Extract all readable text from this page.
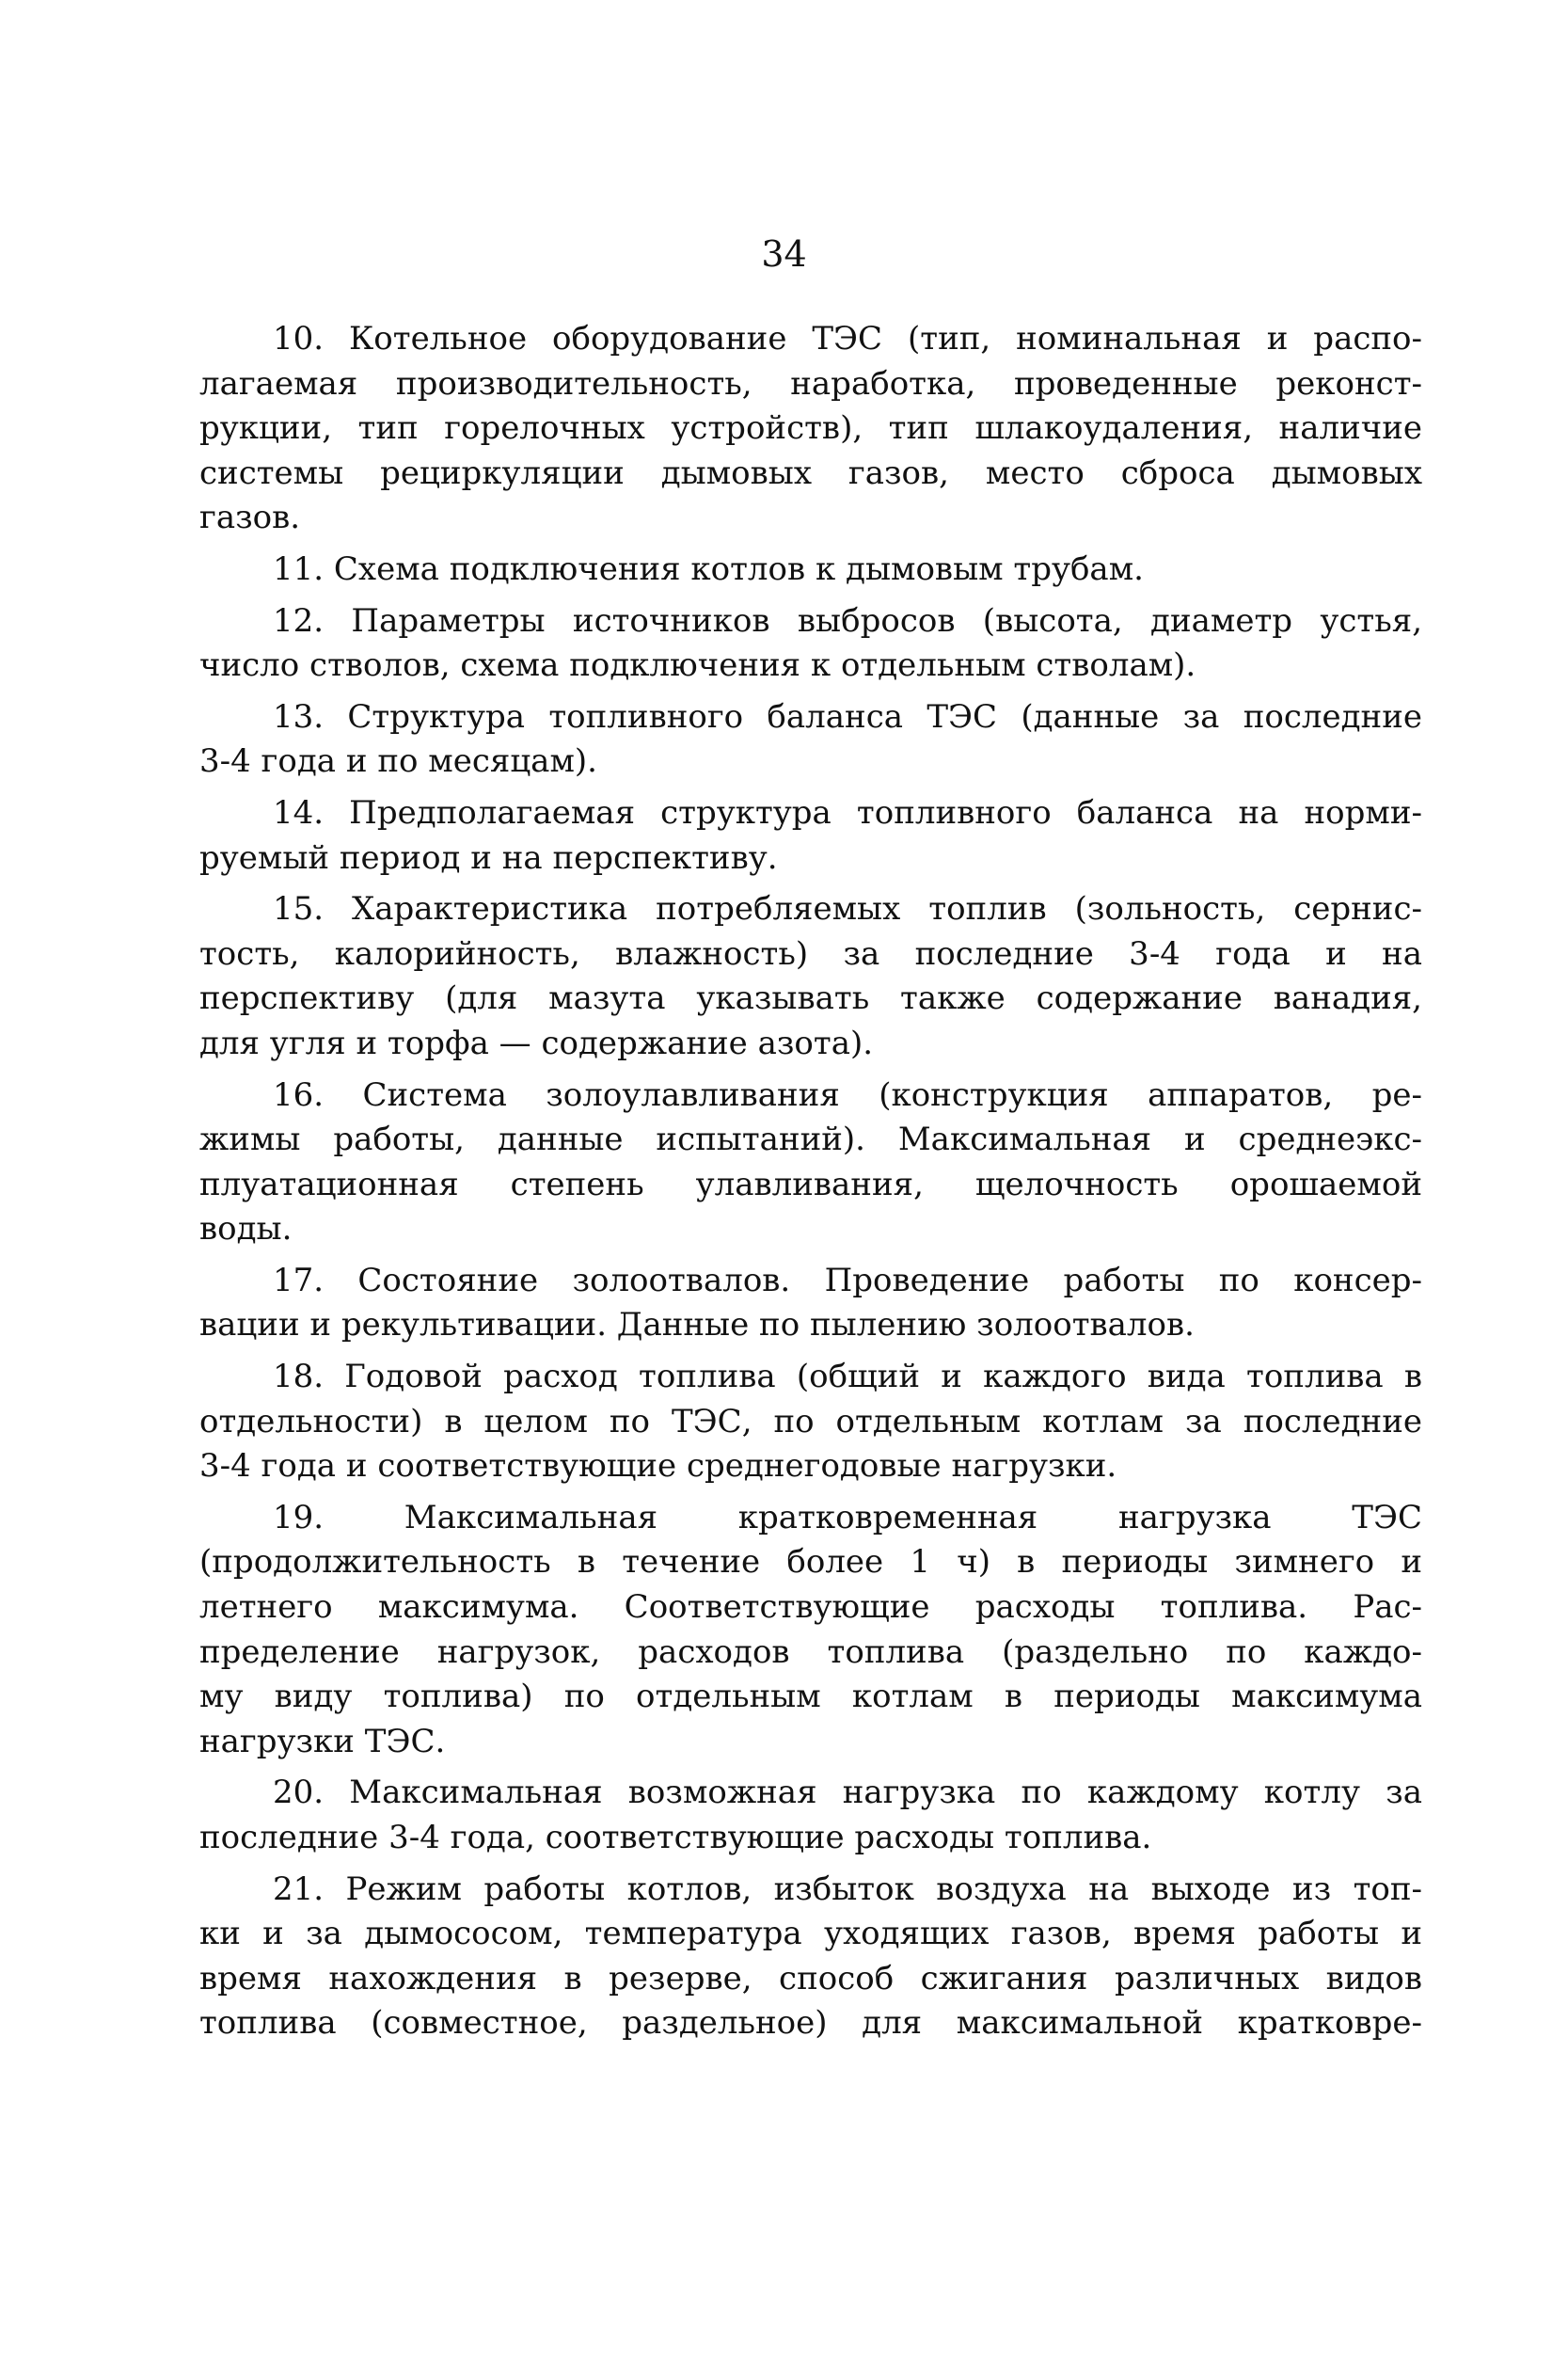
34
10. Котельное оборудование ТЭС (тип, номинальная и распо-
лагаемая производительность, наработка, проведенные реконст-
рукции, тип горелочных устройств), тип шлакоудаления, наличие
системы рециркуляции дымовых газов, место сброса дымовых
газов.
11. Схема подключения котлов к дымовым трубам.
12. Параметры источников выбросов (высота, диаметр устья,
число стволов, схема подключения к отдельным стволам).
13. Структура топливного баланса ТЭС (данные за последние
3-4 года и по месяцам).
14. Предполагаемая структура топливного баланса на норми-
руемый период и на перспективу.
15. Характеристика потребляемых топлив (зольность, сернис-
тость, калорийность, влажность) за последние 3-4 года и на
перспективу (для мазута указывать также содержание ванадия,
для угля и торфа — содержание азота).
16. Система золоулавливания (конструкция аппаратов, ре-
жимы работы, данные испытаний). Максимальная и среднеэкс-
плуатационная степень улавливания, щелочность орошаемой
воды.
17. Состояние золоотвалов. Проведение работы по консер-
вации и рекультивации. Данные по пылению золоотвалов.
18. Годовой расход топлива (общий и каждого вида топлива в
отдельности) в целом по ТЭС, по отдельным котлам за последние
3-4 года и соответствующие среднегодовые нагрузки.
19. Максимальная кратковременная нагрузка ТЭС
(продолжительность в течение более 1 ч) в периоды зимнего и
летнего максимума. Соответствующие расходы топлива. Рас-
пределение нагрузок, расходов топлива (раздельно по каждо-
му виду топлива) по отдельным котлам в периоды максимума
нагрузки ТЭС.
20. Максимальная возможная нагрузка по каждому котлу за
последние 3-4 года, соответствующие расходы топлива.
21. Режим работы котлов, избыток воздуха на выходе из топ-
ки и за дымососом, температура уходящих газов, время работы и
время нахождения в резерве, способ сжигания различных видов
топлива (совместное, раздельное) для максимальной кратковре-
